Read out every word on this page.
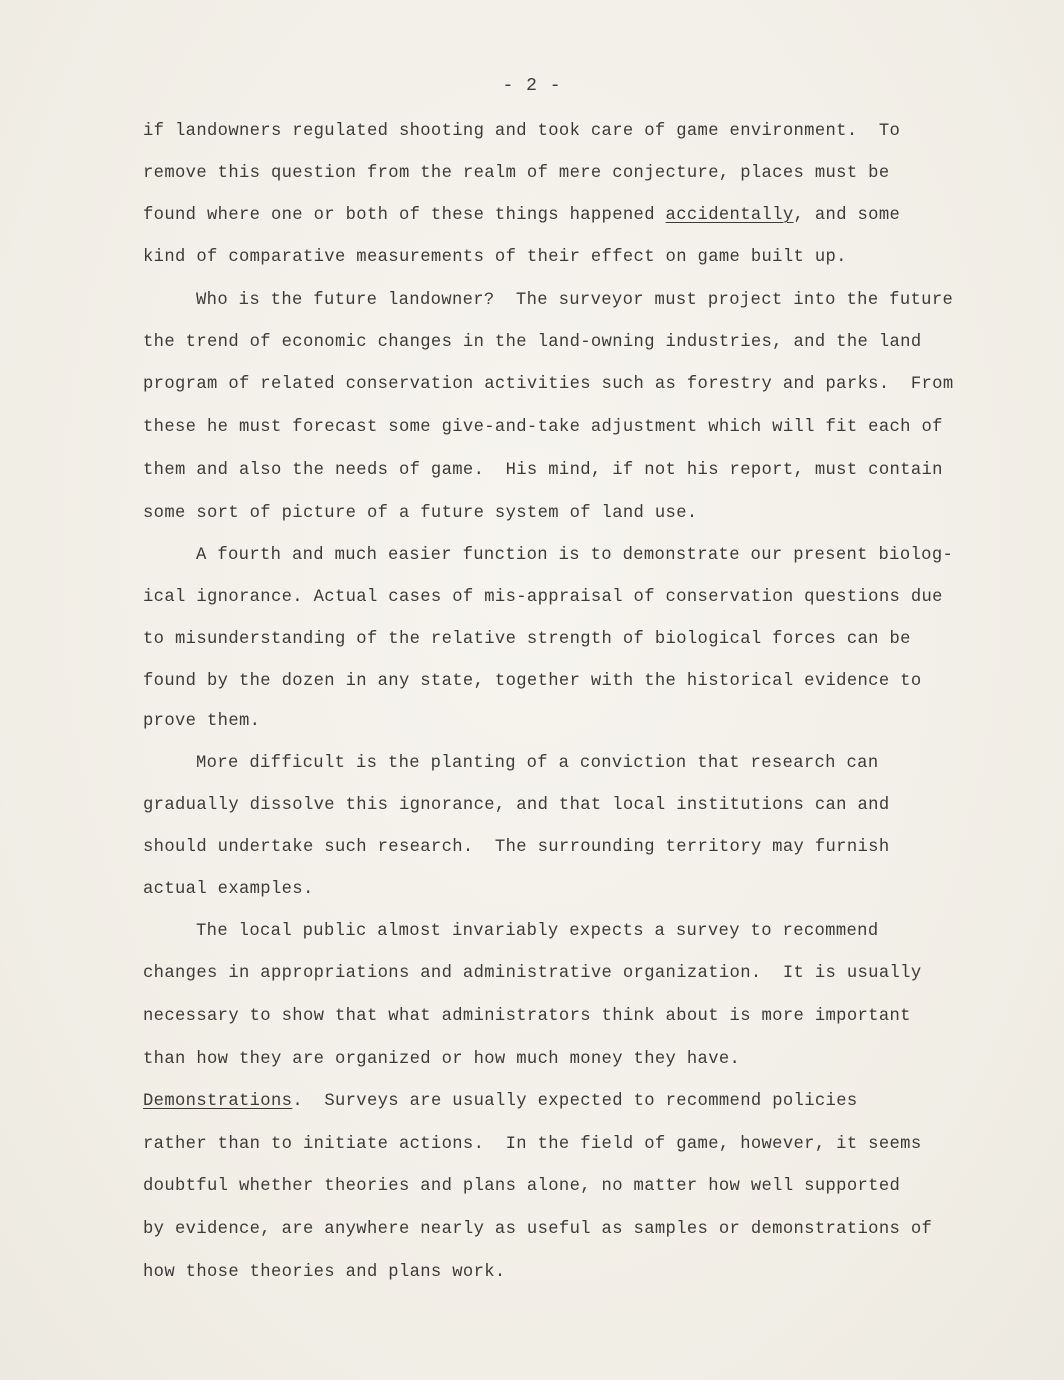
- 2 -
if landowners regulated shooting and took care of game environment.  To
remove this question from the realm of mere conjecture, places must be
found where one or both of these things happened accidentally, and some
kind of comparative measurements of their effect on game built up.
Who is the future landowner?  The surveyor must project into the future
the trend of economic changes in the land-owning industries, and the land
program of related conservation activities such as forestry and parks.  From
these he must forecast some give-and-take adjustment which will fit each of
them and also the needs of game.  His mind, if not his report, must contain
some sort of picture of a future system of land use.
A fourth and much easier function is to demonstrate our present biolog-
ical ignorance. Actual cases of mis-appraisal of conservation questions due
to misunderstanding of the relative strength of biological forces can be
found by the dozen in any state, together with the historical evidence to
prove them.
More difficult is the planting of a conviction that research can
gradually dissolve this ignorance, and that local institutions can and
should undertake such research.  The surrounding territory may furnish
actual examples.
The local public almost invariably expects a survey to recommend
changes in appropriations and administrative organization.  It is usually
necessary to show that what administrators think about is more important
than how they are organized or how much money they have.
Demonstrations.  Surveys are usually expected to recommend policies
rather than to initiate actions.  In the field of game, however, it seems
doubtful whether theories and plans alone, no matter how well supported
by evidence, are anywhere nearly as useful as samples or demonstrations of
how those theories and plans work.
